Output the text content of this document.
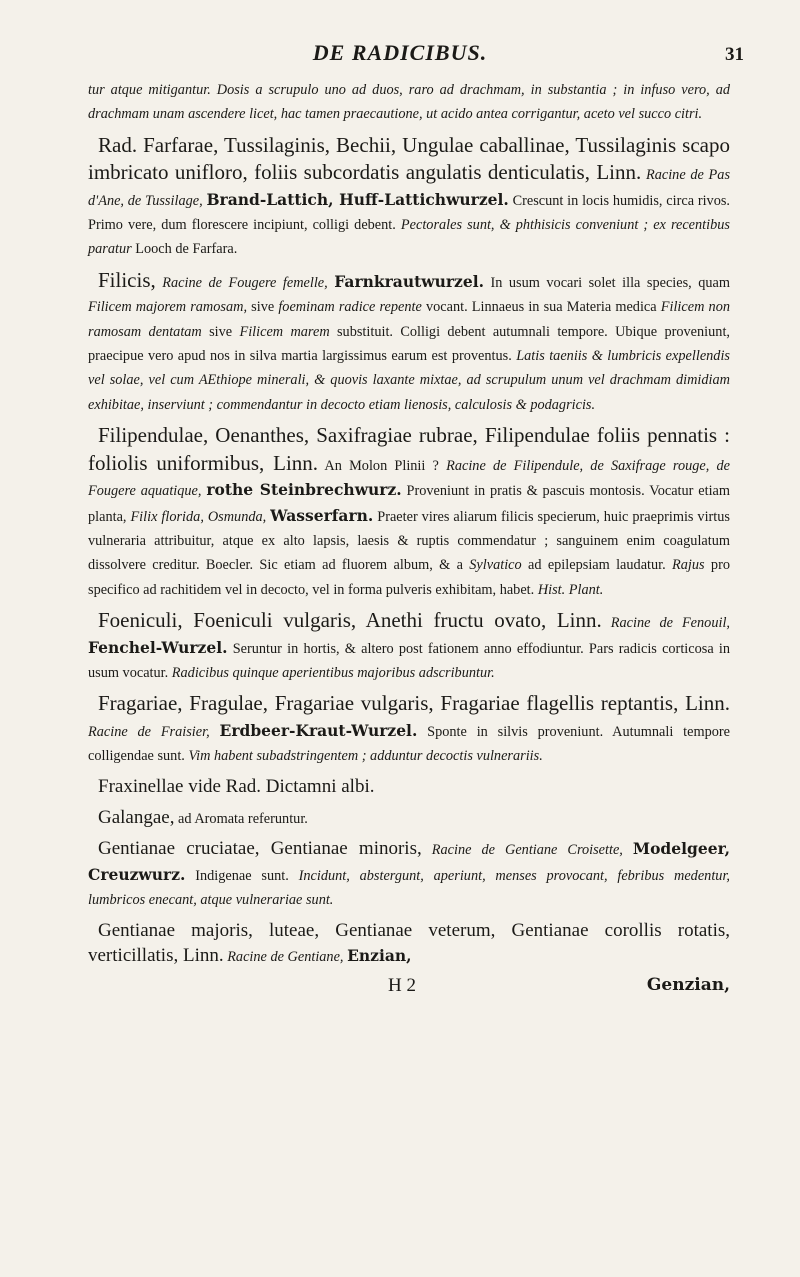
DE RADICIBUS.	31

tur atque mitigantur. Dosis a scrupulo uno ad duos, raro ad drachmam, in substantia ; in infuso vero, ad drachmam unam ascendere licet, hac tamen praecautione, ut acido antea corrigantur, aceto vel succo citri.

Rad. Farfarae, Tussilaginis, Bechii, Ungulae caballinae, Tussilaginis scapo imbricato unifloro, foliis subcordatis angulatis denticulatis, Linn. Racine de Pas d'Ane, de Tussilage, Brand-Lattich, Huff-Lattichwurzel. Crescunt in locis humidis, circa rivos. Primo vere, dum florescere incipiunt, colligi debent. Pectorales sunt, & phthisicis conveniunt ; ex recentibus paratur Looch de Farfara.

Filicis, Racine de Fougere femelle, Farnkrautwurzel. In usum vocari solet illa species, quam Filicem majorem ramosam, sive foeminam radice repente vocant. Linnaeus in sua Materia medica Filicem non ramosam dentatam sive Filicem marem substituit. Colligi debent autumnali tempore. Ubique proveniunt, praecipue vero apud nos in silva martia largissimus earum est proventus. Latis taeniis & lumbricis expellendis vel solae, vel cum AEthiope minerali, & quovis laxante mixtae, ad scrupulum unum vel drachmam dimidiam exhibitae, inserviunt ; commendantur in decocto etiam lienosis, calculosis & podagricis.

Filipendulae, Oenanthes, Saxifragiae rubrae, Filipendulae foliis pennatis : foliolis uniformibus, Linn. An Molon Plinii ? Racine de Filipendule, de Saxifrage rouge, de Fougere aquatique, rothe Steinbrechwurz. Proveniunt in pratis & pascuis montosis. Vocatur etiam planta, Filix florida, Osmunda, Wasserfarn. Praeter vires aliarum filicis specierum, huic praeprimis virtus vulneraria attribuitur, atque ex alto lapsis, laesis & ruptis commendatur ; sanguinem enim coagulatum dissolvere creditur. Boecler. Sic etiam ad fluorem album, & a Sylvatico ad epilepsiam laudatur. Rajus pro specifico ad rachitidem vel in decocto, vel in forma pulveris exhibitam, habet. Hist. Plant.

Foeniculi, Foeniculi vulgaris, Anethi fructu ovato, Linn. Racine de Fenouil, Fenchel-Wurzel. Seruntur in hortis, & altero post fationem anno effodiuntur. Pars radicis corticosa in usum vocatur. Radicibus quinque aperientibus majoribus adscribuntur.

Fragariae, Fragulae, Fragariae vulgaris, Fragariae flagellis reptantis, Linn. Racine de Fraisier, Erdbeer-Kraut-Wurzel. Sponte in silvis proveniunt. Autumnali tempore colligendae sunt. Vim habent subadstringentem ; adduntur decoctis vulnerariis.

Fraxinellae vide Rad. Dictamni albi.

Galangae, ad Aromata referuntur.

Gentianae cruciatae, Gentianae minoris, Racine de Gentiane Croisette, Modelgeer, Creuzwurz. Indigenae sunt. Incidunt, abstergunt, aperiunt, menses provocant, febribus medentur, lumbricos enecant, atque vulnerariae sunt.

Gentianae majoris, luteae, Gentianae veterum, Gentianae corollis rotatis, verticillatis, Linn. Racine de Gentiane, Enzian,

H 2	Genzian,
